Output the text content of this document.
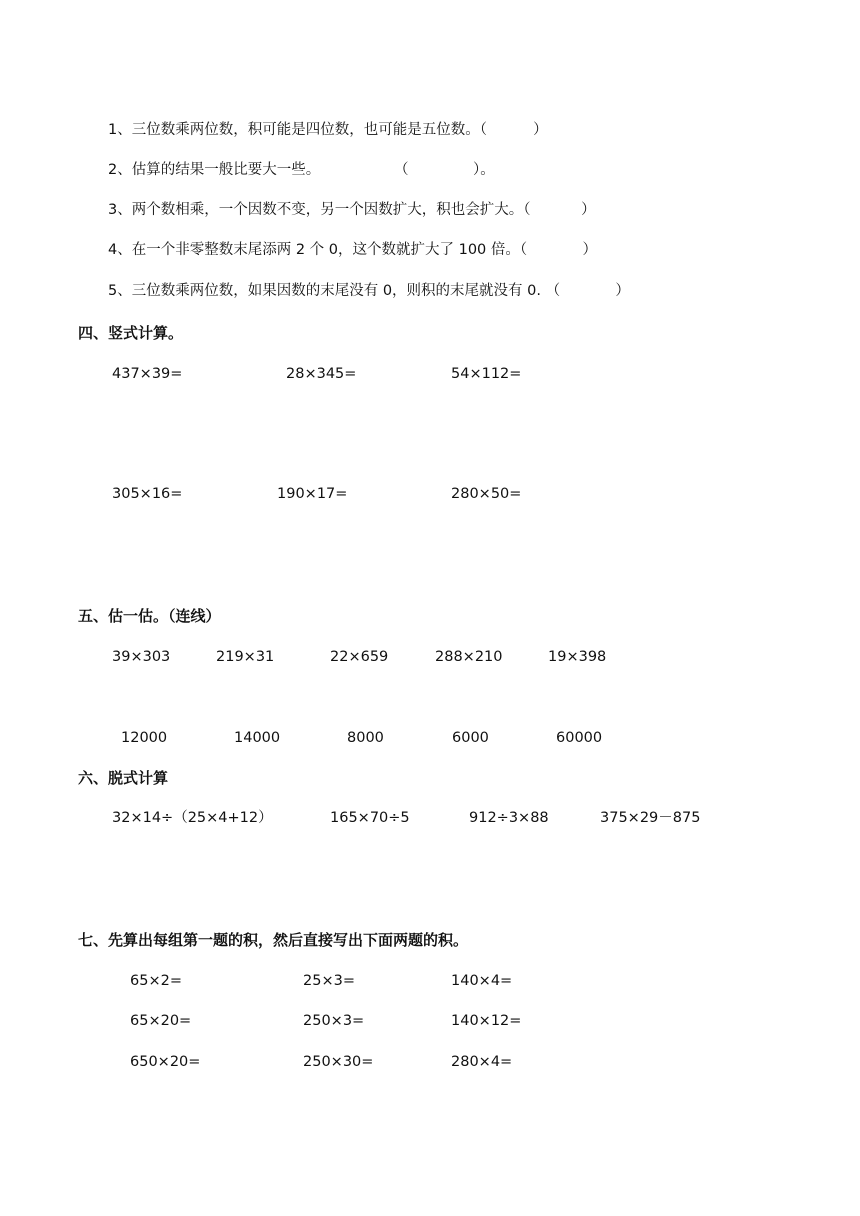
1、三位数乘两位数，积可能是四位数，也可能是五位数。（          ）
2、估算的结果一般比要大一些。                （              ）。
3、两个数相乘，一个因数不变，另一个因数扩大，积也会扩大。（           ）
4、在一个非零整数末尾添两 2 个 0，这个数就扩大了 100 倍。（            ）
5、三位数乘两位数，如果因数的末尾没有 0，则积的末尾就没有 0. （            ）
四、竖式计算。
437×39=	28×345=	54×112=
305×16=	190×17=	280×50=
五、估一估。（连线）
39×303	219×31	22×659	288×210	19×398
12000	14000	8000	6000	60000
六、脱式计算
32×14÷（25×4+12）	165×70÷5	912÷3×88	375×29－875
七、先算出每组第一题的积，然后直接写出下面两题的积。
65×2=	25×3=	140×4=
65×20=	250×3=	140×12=
650×20=	250×30=	280×4=
